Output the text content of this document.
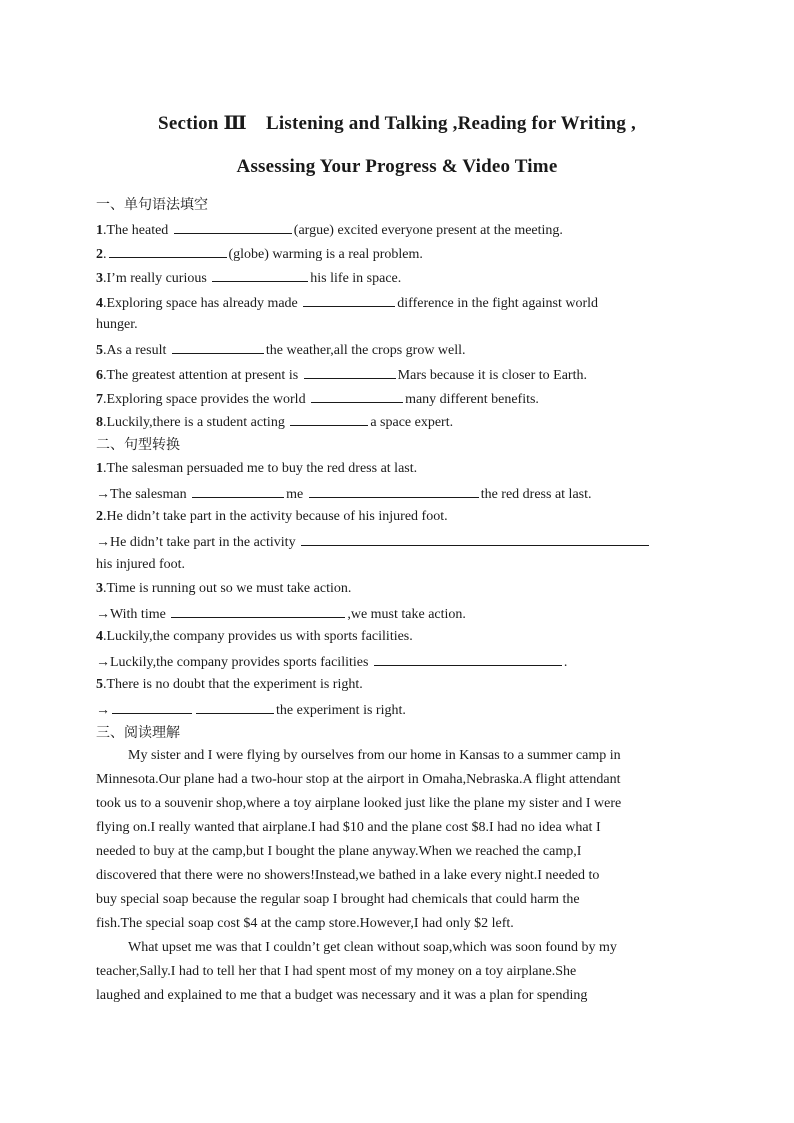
Section Ⅲ　Listening and Talking ,Reading for Writing ,
Assessing Your Progress & Video Time
一、单句语法填空
1.The heated	(argue) excited everyone present at the meeting.
2.	(globe) warming is a real problem.
3.I’m really curious	his life in space.
4.Exploring space has already made	difference in the fight against world
hunger.
5.As a result	the weather,all the crops grow well.
6.The greatest attention at present is	Mars because it is closer to Earth.
7.Exploring space provides the world	many different benefits.
8.Luckily,there is a student acting	a space expert.
二、句型转换
1.The salesman persuaded me to buy the red dress at last.
→The salesman	me	the red dress at last.
2.He didn’t take part in the activity because of his injured foot.
→He didn’t take part in the activity
his injured foot.
3.Time is running out so we must take action.
→With time	,we must take action.
4.Luckily,the company provides us with sports facilities.
→Luckily,the company provides sports facilities	.
5.There is no doubt that the experiment is right.
→	the experiment is right.
三、阅读理解
My sister and I were flying by ourselves from our home in Kansas to a summer camp in
Minnesota.Our plane had a two-hour stop at the airport in Omaha,Nebraska.A flight attendant
took us to a souvenir shop,where a toy airplane looked just like the plane my sister and I were
flying on.I really wanted that airplane.I had $10 and the plane cost $8.I had no idea what I
needed to buy at the camp,but I bought the plane anyway.When we reached the camp,I
discovered that there were no showers!Instead,we bathed in a lake every night.I needed to
buy special soap because the regular soap I brought had chemicals that could harm the
fish.The special soap cost $4 at the camp store.However,I had only $2 left.
What upset me was that I couldn’t get clean without soap,which was soon found by my
teacher,Sally.I had to tell her that I had spent most of my money on a toy airplane.She
laughed and explained to me that a budget was necessary and it was a plan for spending
